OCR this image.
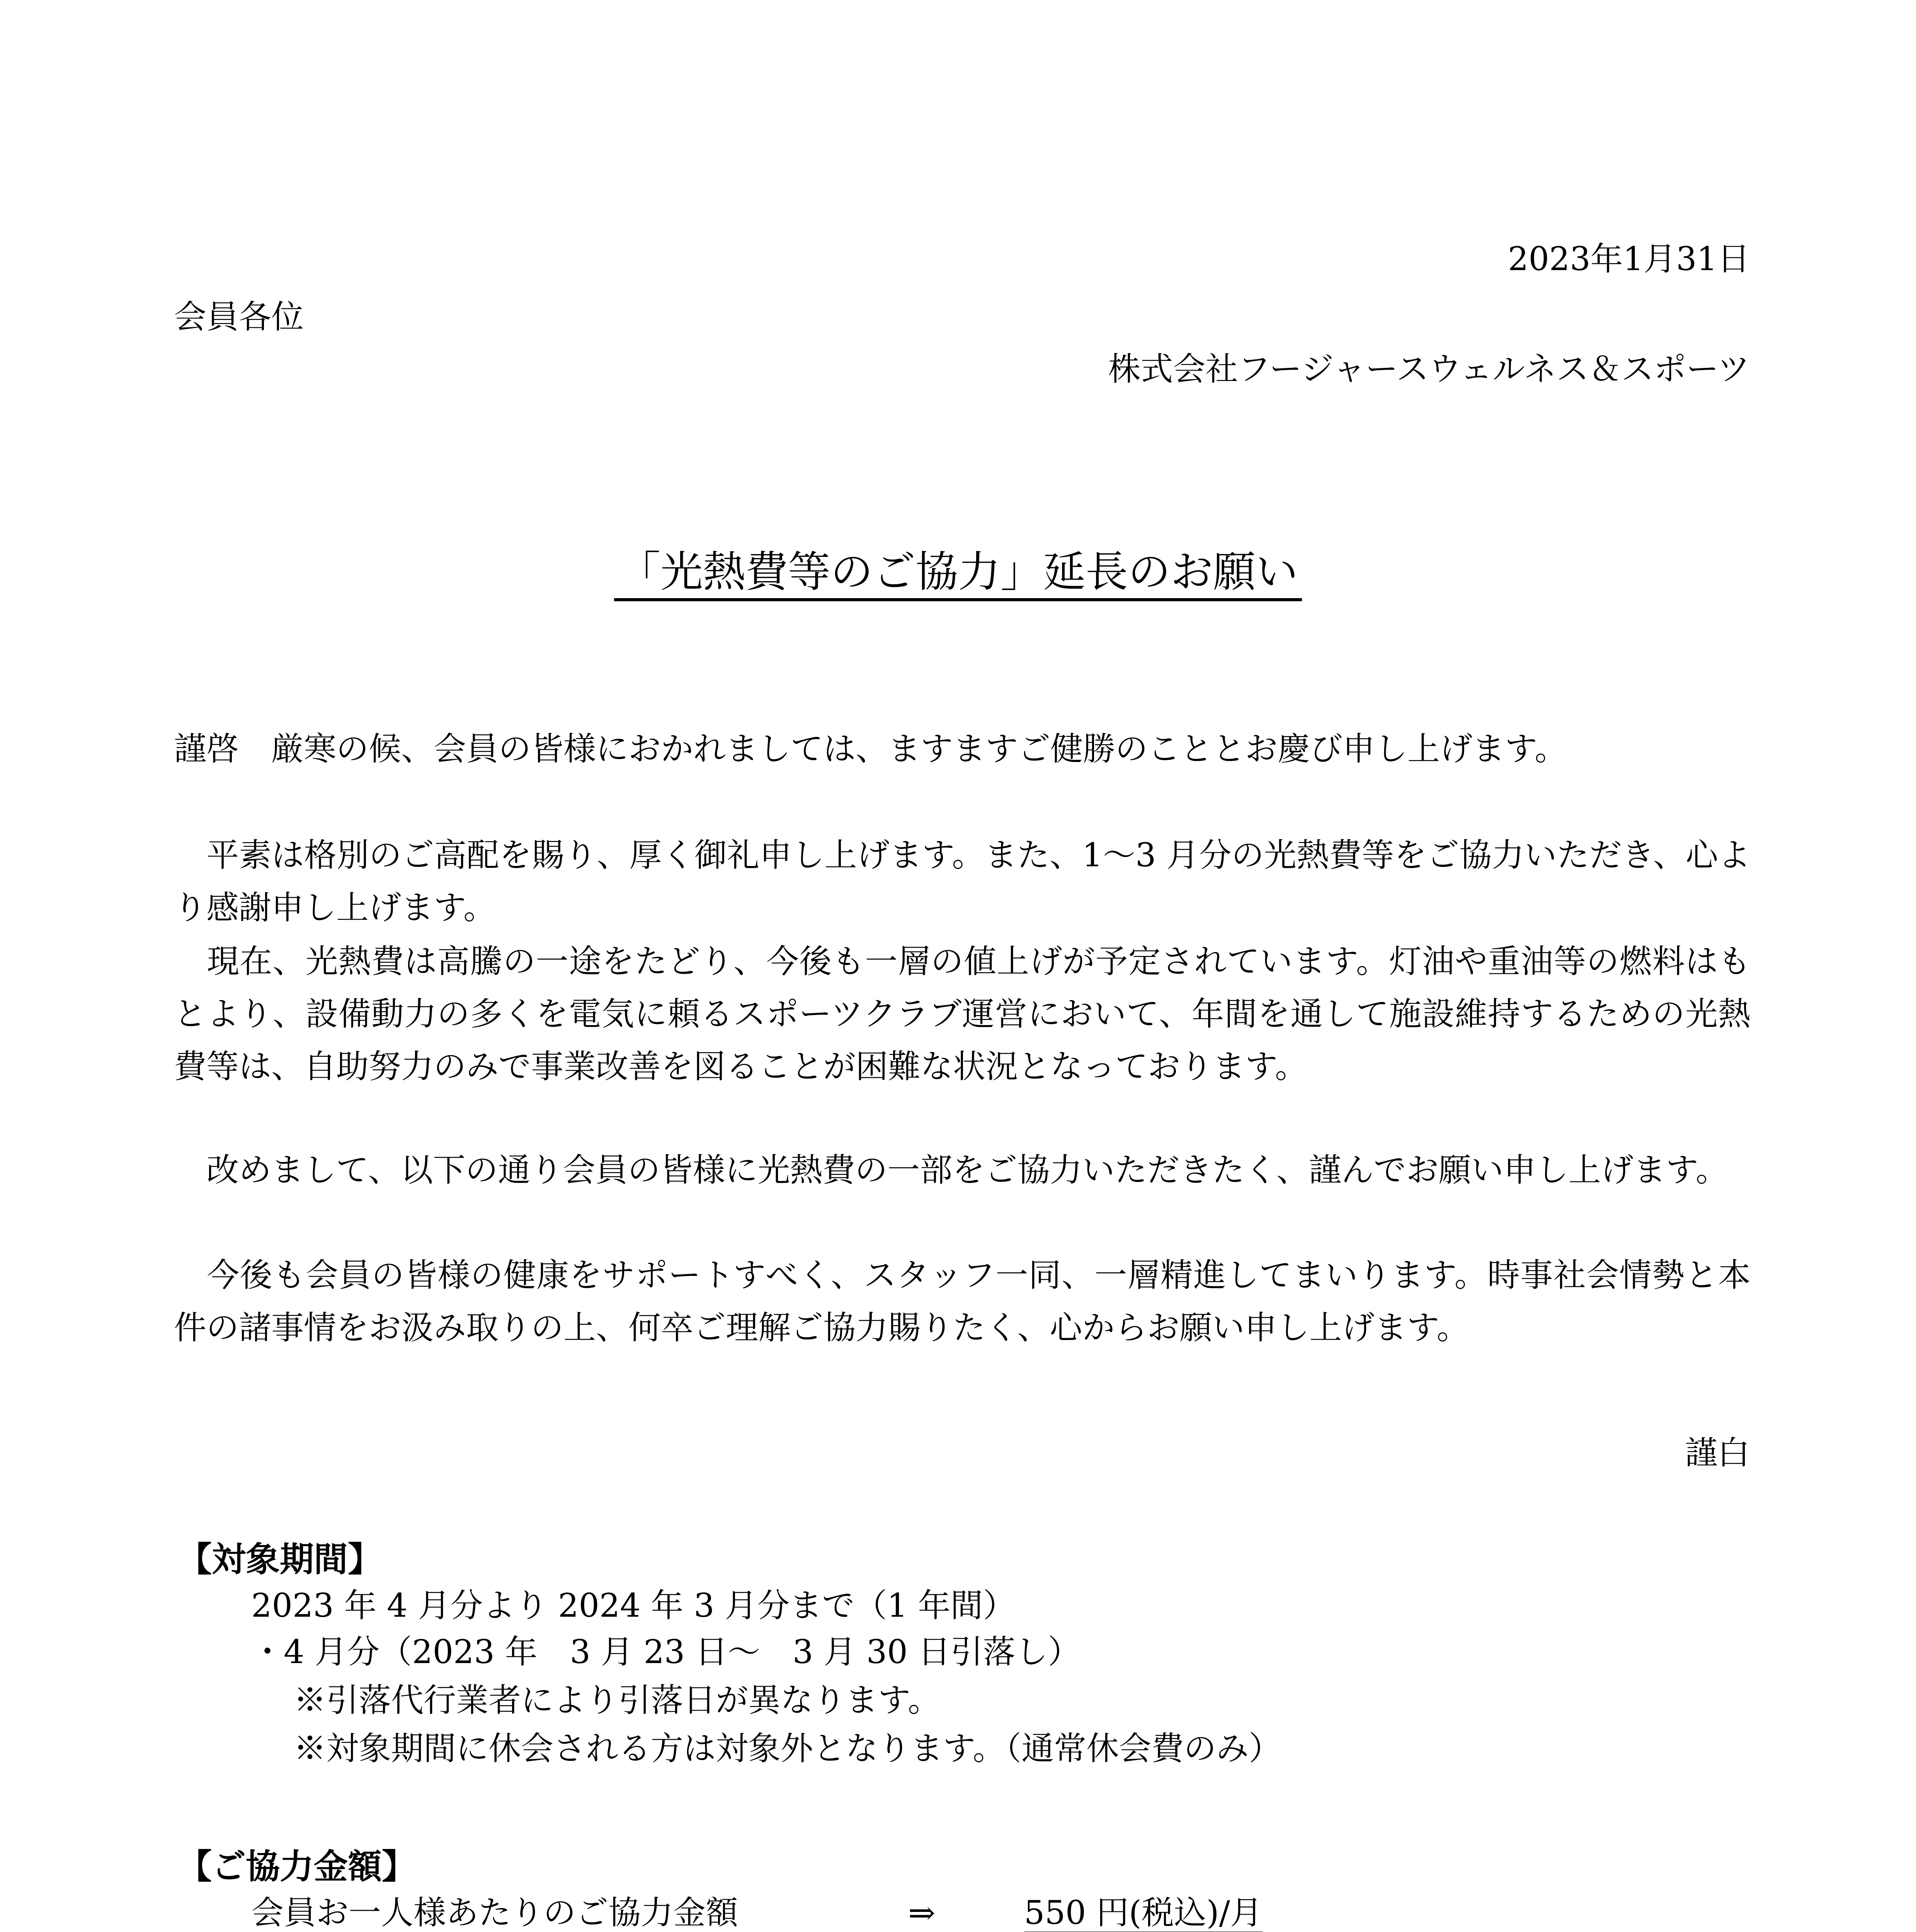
2023年1月31日
会員各位
株式会社フージャースウェルネス＆スポーツ
「光熱費等のご協力」延長のお願い
謹啓　厳寒の候、会員の皆様におかれましては、ますますご健勝のこととお慶び申し上げます。
　平素は格別のご高配を賜り、厚く御礼申し上げます。また、1〜3 月分の光熱費等をご協力いただき、心より感謝申し上げます。
　現在、光熱費は高騰の一途をたどり、今後も一層の値上げが予定されています。灯油や重油等の燃料はもとより、設備動力の多くを電気に頼るスポーツクラブ運営において、年間を通して施設維持するための光熱費等は、自助努力のみで事業改善を図ることが困難な状況となっております。
　改めまして、以下の通り会員の皆様に光熱費の一部をご協力いただきたく、謹んでお願い申し上げます。
　今後も会員の皆様の健康をサポートすべく、スタッフ一同、一層精進してまいります。時事社会情勢と本件の諸事情をお汲み取りの上、何卒ご理解ご協力賜りたく、心からお願い申し上げます。
謹白
【対象期間】
2023 年 4 月分より 2024 年 3 月分まで（1 年間）
・4 月分（2023 年　3 月 23 日〜　3 月 30 日引落し）
※引落代行業者により引落日が異なります。
※対象期間に休会される方は対象外となります。（通常休会費のみ）
【ご協力金額】
会員お一人様あたりのご協力金額	⇒	550 円(税込)/月
